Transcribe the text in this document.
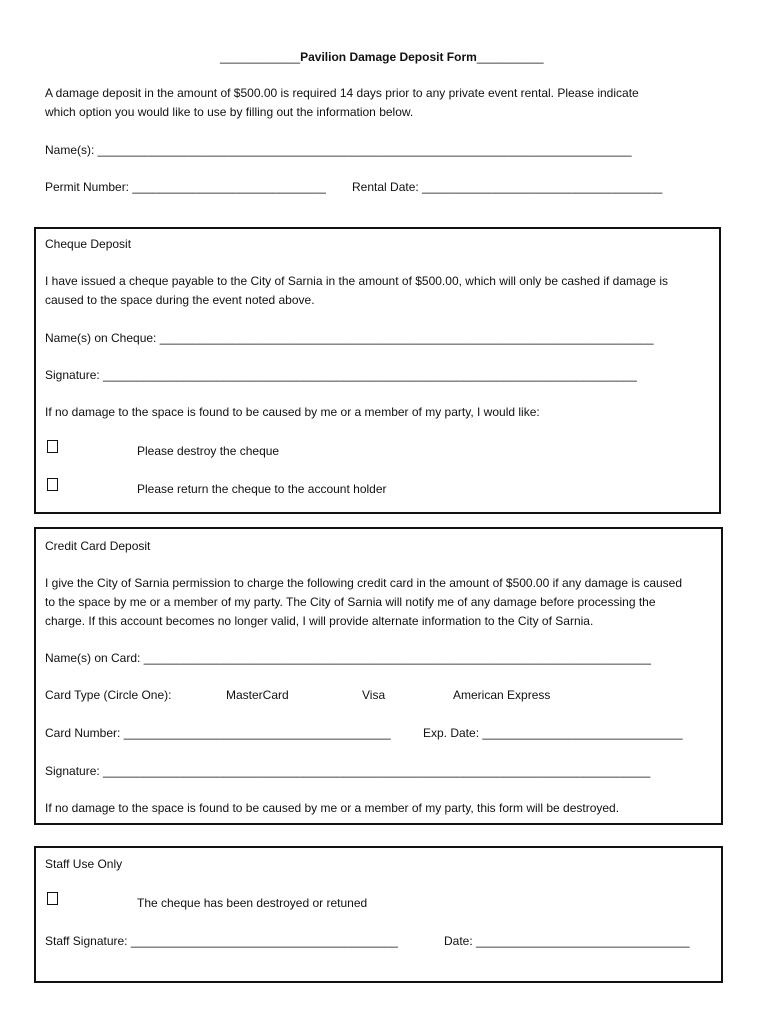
____________Pavilion Damage Deposit Form__________
A damage deposit in the amount of $500.00 is required 14 days prior to any private event rental. Please indicate
which option you would like to use by filling out the information below.
Name(s): ________________________________________________________________________________
Permit Number: _____________________________ Rental Date: ____________________________________
Cheque Deposit
I have issued a cheque payable to the City of Sarnia in the amount of $500.00, which will only be cashed if damage is
caused to the space during the event noted above.
Name(s) on Cheque: __________________________________________________________________________
Signature: ________________________________________________________________________________
If no damage to the space is found to be caused by me or a member of my party, I would like:
Please destroy the cheque
Please return the cheque to the account holder
Credit Card Deposit
I give the City of Sarnia permission to charge the following credit card in the amount of $500.00 if any damage is caused
to the space by me or a member of my party. The City of Sarnia will notify me of any damage before processing the
charge. If this account becomes no longer valid, I will provide alternate information to the City of Sarnia.
Name(s) on Card: ____________________________________________________________________________
Card Type (Circle One):	MasterCard	Visa	American Express
Card Number: ________________________________________	Exp. Date: ______________________________
Signature: __________________________________________________________________________________
If no damage to the space is found to be caused by me or a member of my party, this form will be destroyed.
Staff Use Only
The cheque has been destroyed or retuned
Staff Signature: ________________________________________	Date: ________________________________
